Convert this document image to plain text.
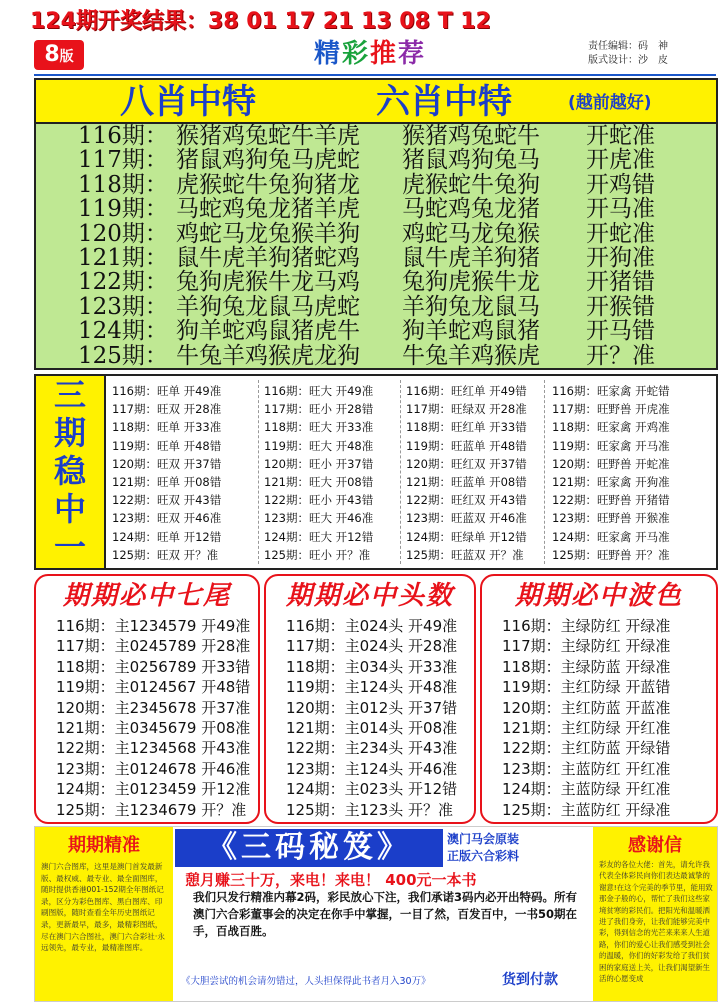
124期开奖结果：38 01 17 21 13 08 T 12
8版	精彩推荐	责任编辑：码　神
版式设计：沙　皮
八肖中特	六肖中特	(越前越好)
116期： 猴猪鸡兔蛇牛羊虎 猴猪鸡兔蛇牛 开蛇准
117期： 猪鼠鸡狗兔马虎蛇 猪鼠鸡狗兔马 开虎准
118期： 虎猴蛇牛兔狗猪龙 虎猴蛇牛兔狗 开鸡错
119期： 马蛇鸡兔龙猪羊虎 马蛇鸡兔龙猪 开马准
120期： 鸡蛇马龙兔猴羊狗 鸡蛇马龙兔猴 开蛇准
121期： 鼠牛虎羊狗猪蛇鸡 鼠牛虎羊狗猪 开狗准
122期： 兔狗虎猴牛龙马鸡 兔狗虎猴牛龙 开猪错
123期： 羊狗兔龙鼠马虎蛇 羊狗兔龙鼠马 开猴错
124期： 狗羊蛇鸡鼠猪虎牛 狗羊蛇鸡鼠猪 开马错
125期： 牛兔羊鸡猴虎龙狗 牛兔羊鸡猴虎 开？准
三
期
稳
中
一
116期：旺单 开49准
117期：旺双 开28准
118期：旺单 开33准
119期：旺单 开48错
120期：旺双 开37错
121期：旺单 开08错
122期：旺双 开43错
123期：旺双 开46准
124期：旺单 开12错
125期：旺双 开？准
116期：旺大 开49准
117期：旺小 开28错
118期：旺大 开33准
119期：旺大 开48准
120期：旺小 开37错
121期：旺大 开08错
122期：旺小 开43错
123期：旺大 开46准
124期：旺大 开12错
125期：旺小 开？准
116期：旺红单 开49错
117期：旺绿双 开28准
118期：旺红单 开33错
119期：旺蓝单 开48错
120期：旺红双 开37错
121期：旺蓝单 开08错
122期：旺红双 开43错
123期：旺蓝双 开46准
124期：旺绿单 开12错
125期：旺蓝双 开？准
116期：旺家禽 开蛇错
117期：旺野兽 开虎准
118期：旺家禽 开鸡准
119期：旺家禽 开马准
120期：旺野兽 开蛇准
121期：旺家禽 开狗准
122期：旺野兽 开猪错
123期：旺野兽 开猴准
124期：旺家禽 开马准
125期：旺野兽 开？准
期期必中七尾
116期：主1234579 开49准
117期：主0245789 开28准
118期：主0256789 开33错
119期：主0124567 开48错
120期：主2345678 开37准
121期：主0345679 开08准
122期：主1234568 开43准
123期：主0124678 开46准
124期：主0123459 开12准
125期：主1234679 开？准
期期必中头数
116期：主024头 开49准
117期：主024头 开28准
118期：主034头 开33准
119期：主124头 开48准
120期：主012头 开37错
121期：主014头 开08准
122期：主234头 开43准
123期：主124头 开46准
124期：主023头 开12错
125期：主123头 开？准
期期必中波色
116期：主绿防红 开绿准
117期：主绿防红 开绿准
118期：主绿防蓝 开绿准
119期：主红防绿 开蓝错
120期：主红防蓝 开蓝准
121期：主红防绿 开红准
122期：主红防蓝 开绿错
123期：主蓝防红 开红准
124期：主蓝防绿 开红准
125期：主蓝防红 开绿准
期期精准
澳门六合图库，这里是澳门首发最新版、最权威、最专业、最全面图库，随时提供香港001-152期全年图纸记录，区分为彩色图库、黑白图库、印刷图版，随时查看全年历史图纸记录，更新最早，最多，最精彩图纸，尽在澳门六合图社，澳门六合彩社·永远领先，最专业，最精准图库。
《三码秘笈》	澳门马会原装
正版六合彩料
憩月赚三十万，来电！来电！ 400元一本书
我们只发行精准内幕2码，彩民放心下注，我们承诺3码内必开出特码。所有澳门六合彩董事会的决定在你手中掌握，一目了然，百发百中，一书50期在手，百战百胜。
《大胆尝试的机会请勿错过，人头担保得此书者月入30万》	货到付款
感谢信
彩友的各位大佬：首先，请允许我代表全体彩民向你们表达最诚挚的谢意!在这个完美的季节里，能用致那金子般的心，帮忙了我们这些家境贫寒的彩民们。把阳光和温暖洒进了我们身旁，让我们能够完美中彩，得到信念的光芒来来来人生道路，你们的爱心让我们感受到社会的温暖，你们的好彩发给了我们贫困的家庭送上关，让我们渴望新生活的心愿变成
